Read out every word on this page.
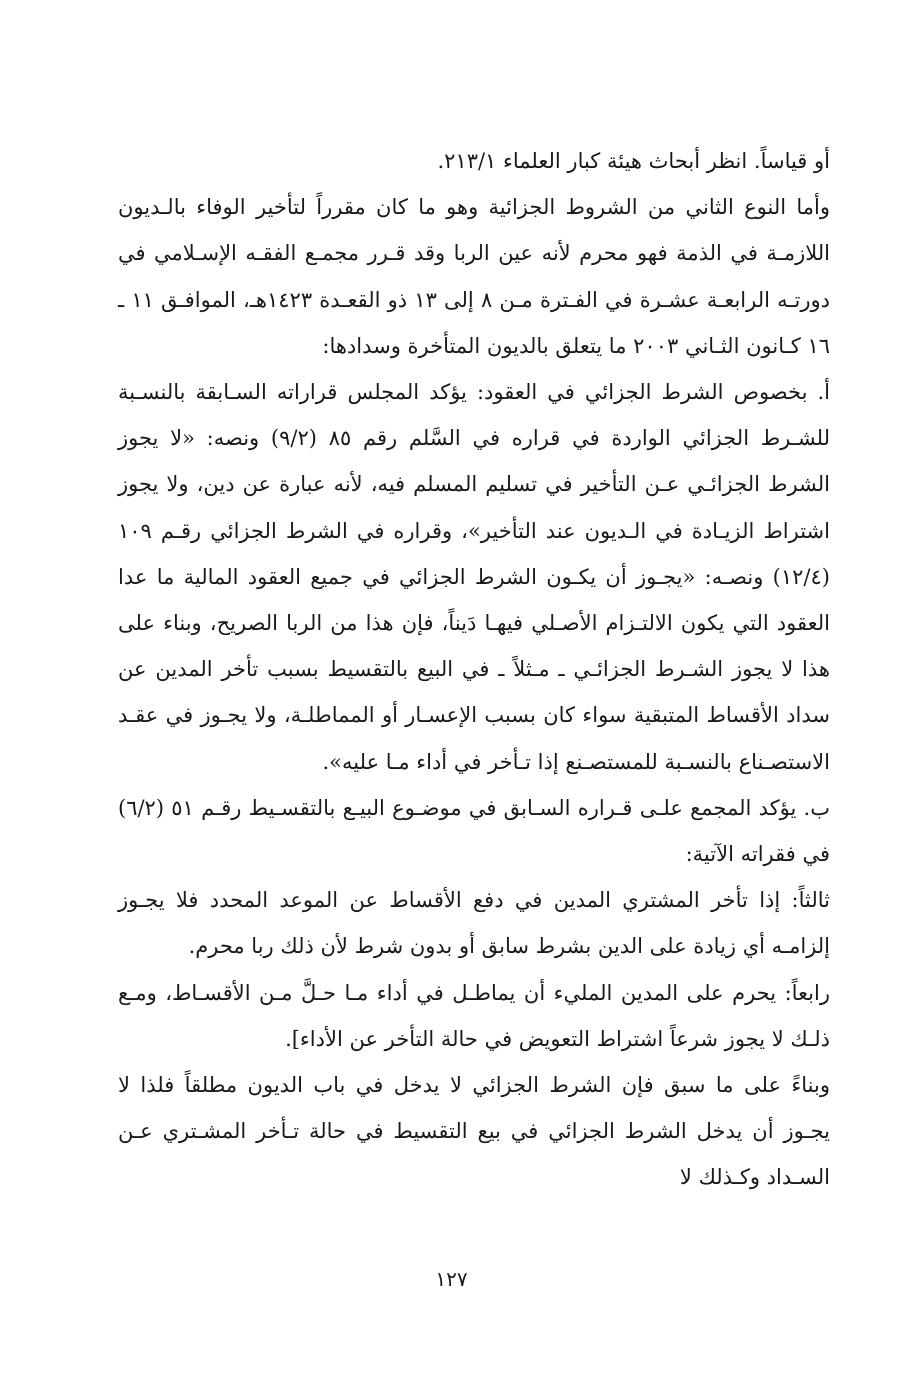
أو قياساً. انظر أبحاث هيئة كبار العلماء ٢١٣/١.

وأما النوع الثاني من الشروط الجزائية وهو ما كان مقرراً لتأخير الوفاء بالـديون اللازمـة في الذمة فهو محرم لأنه عين الربا وقد قـرر مجمـع الفقـه الإسـلامي في دورتـه الرابعـة عشـرة في الفـترة مـن ٨ إلى ١٣ ذو القعـدة ١٤٢٣هـ، الموافـق ١١ ـ ١٦ كـانون الثـاني ٢٠٠٣ ما يتعلق بالديون المتأخرة وسدادها:

أ. بخصوص الشرط الجزائي في العقود: يؤكد المجلس قراراته السـابقة بالنسـبة للشـرط الجزائي الواردة في قراره في السَّلم رقم ٨٥ (٩/٢) ونصه: «لا يجوز الشرط الجزائـي عـن التأخير في تسليم المسلم فيه، لأنه عبارة عن دين، ولا يجوز اشتراط الزيـادة في الـديون عند التأخير»، وقراره في الشرط الجزائي رقـم ١٠٩ (١٢/٤) ونصـه: «يجـوز أن يكـون الشرط الجزائي في جميع العقود المالية ما عدا العقود التي يكون الالتـزام الأصـلي فيهـا دَيناً، فإن هذا من الربا الصريح، وبناء على هذا لا يجوز الشـرط الجزائـي ـ مـثلاً ـ في البيع بالتقسيط بسبب تأخر المدين عن سداد الأقساط المتبقية سواء كان بسبب الإعسـار أو المماطلـة، ولا يجـوز في عقـد الاستصـناع بالنسـبة للمستصـنع إذا تـأخر في أداء مـا عليه».

ب. يؤكد المجمع علـى قـراره السـابق في موضـوع البيـع بالتقسـيط رقـم ٥١ (٦/٢) في فقراته الآتية:

ثالثاً: إذا تأخر المشتري المدين في دفع الأقساط عن الموعد المحدد فلا يجـوز إلزامـه أي زيادة على الدين بشرط سابق أو بدون شرط لأن ذلك ربا محرم.

رابعاً: يحرم على المدين المليء أن يماطـل في أداء مـا حـلَّ مـن الأقسـاط، ومـع ذلـك لا يجوز شرعاً اشتراط التعويض في حالة التأخر عن الأداء].

وبناءً على ما سبق فإن الشرط الجزائي لا يدخل في باب الديون مطلقاً فلذا لا يجـوز أن يدخل الشرط الجزائي في بيع التقسيط في حالة تـأخر المشـتري عـن السـداد وكـذلك لا

١٢٧
